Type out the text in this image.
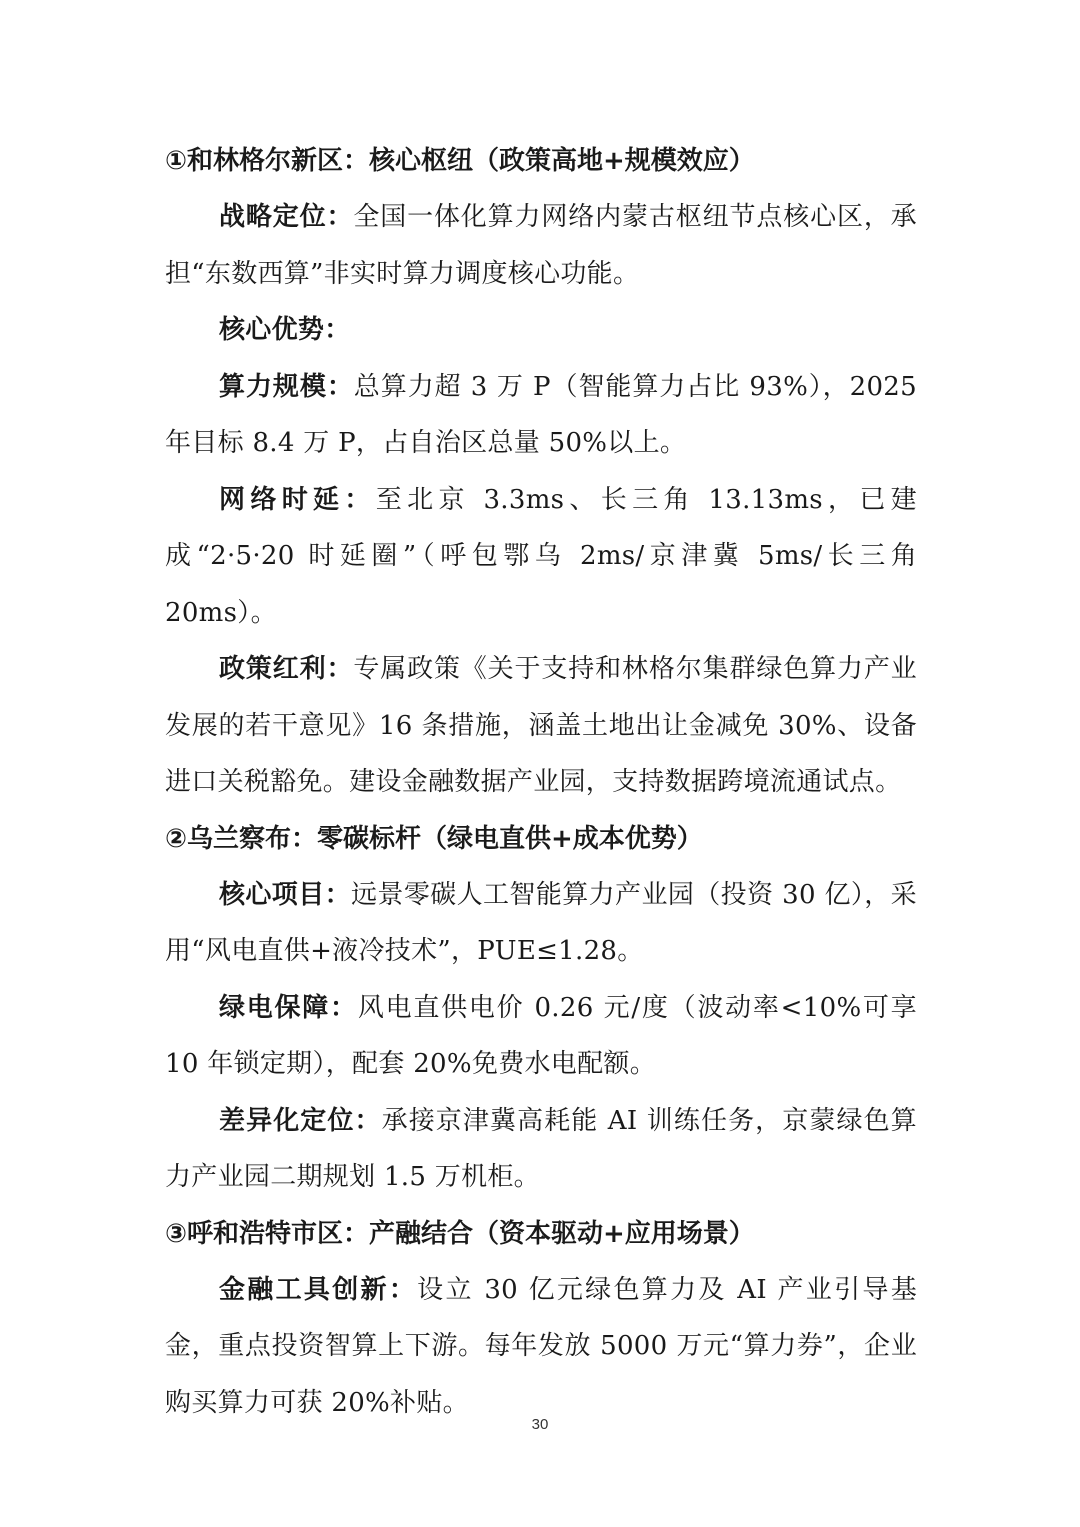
①和林格尔新区：核心枢纽（政策高地+规模效应）

战略定位：全国一体化算力网络内蒙古枢纽节点核心区，承担“东数西算”非实时算力调度核心功能。

核心优势：

算力规模：总算力超 3 万 P（智能算力占比 93%），2025 年目标 8.4 万 P，占自治区总量 50%以上。

网络时延：至北京 3.3ms、长三角 13.13ms，已建成“2·5·20 时延圈”（呼包鄂乌 2ms/京津冀 5ms/长三角 20ms）。

政策红利：专属政策《关于支持和林格尔集群绿色算力产业发展的若干意见》16 条措施，涵盖土地出让金减免 30%、设备进口关税豁免。建设金融数据产业园，支持数据跨境流通试点。

②乌兰察布：零碳标杆（绿电直供+成本优势）

核心项目：远景零碳人工智能算力产业园（投资 30 亿），采用“风电直供+液冷技术”，PUE≤1.28。

绿电保障：风电直供电价 0.26 元/度（波动率<10%可享 10 年锁定期），配套 20%免费水电配额。

差异化定位：承接京津冀高耗能 AI 训练任务，京蒙绿色算力产业园二期规划 1.5 万机柜。

③呼和浩特市区：产融结合（资本驱动+应用场景）

金融工具创新：设立 30 亿元绿色算力及 AI 产业引导基金，重点投资智算上下游。每年发放 5000 万元“算力券”，企业购买算力可获 20%补贴。

30
